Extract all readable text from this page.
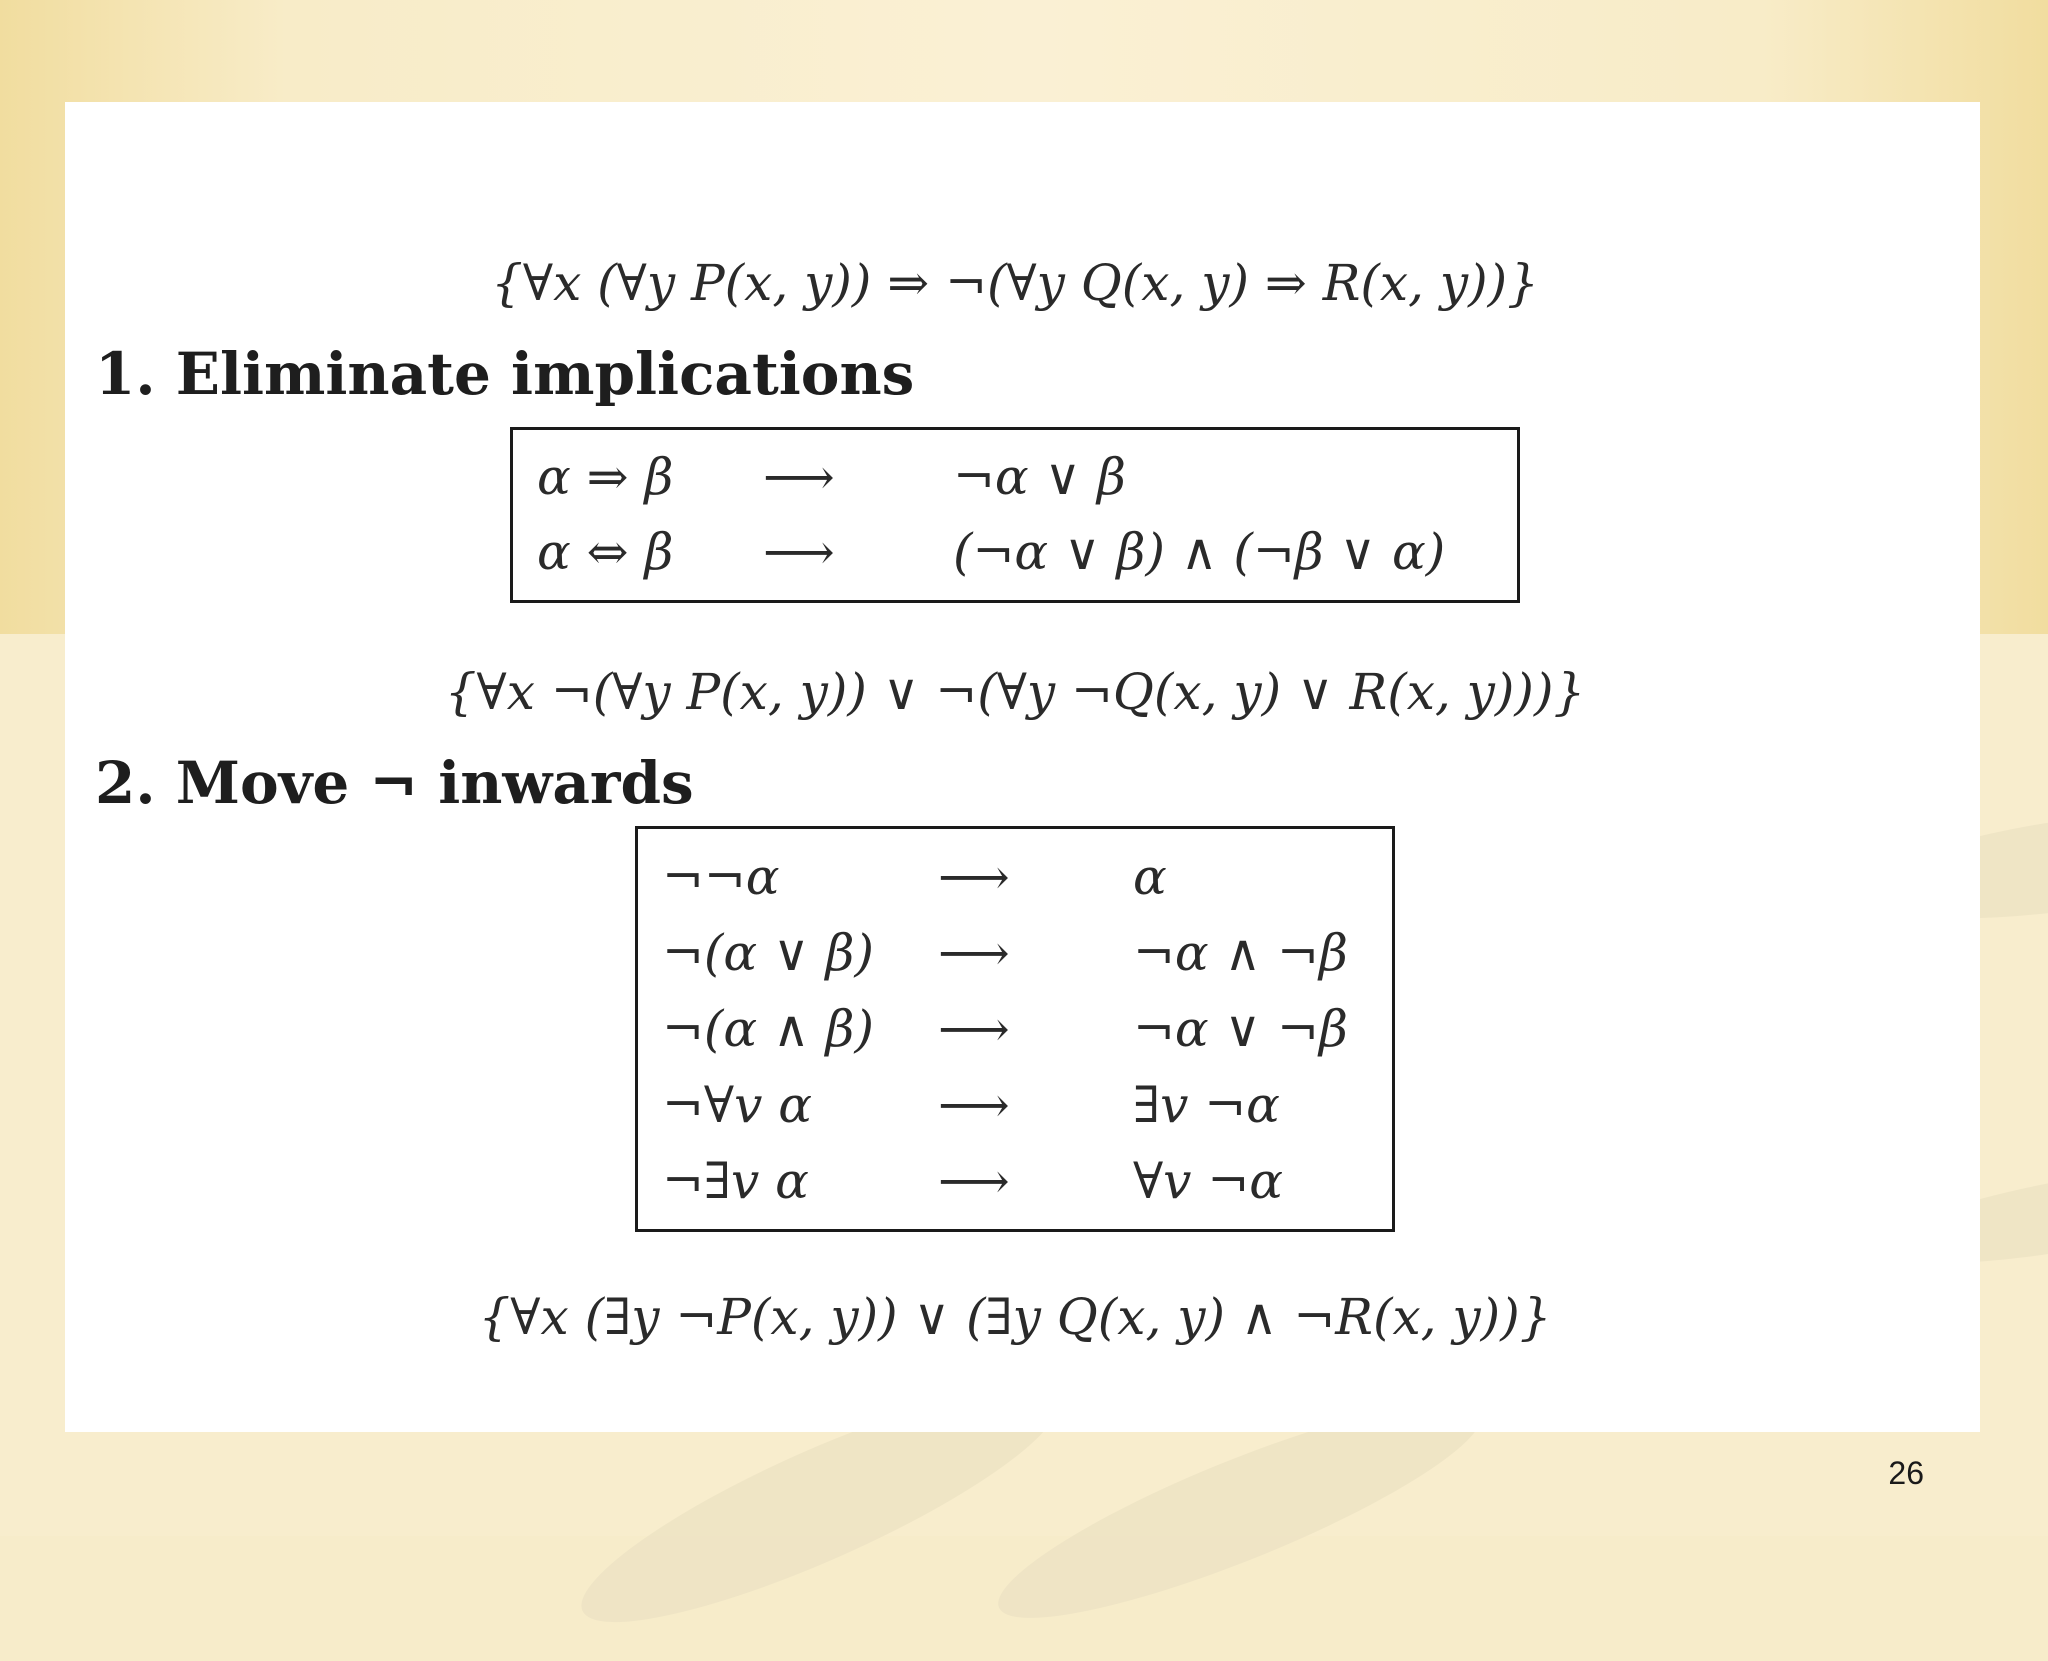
{∀x (∀y P(x, y)) ⇒ ¬(∀y Q(x, y) ⇒ R(x, y))}
1. Eliminate implications
α ⇒ β ⟶ ¬α ∨ β
α ⇔ β ⟶ (¬α ∨ β) ∧ (¬β ∨ α)
{∀x ¬(∀y P(x, y)) ∨ ¬(∀y ¬Q(x, y) ∨ R(x, y)))}
2. Move ¬ inwards
¬¬α	⟶ α
¬(α ∨ β) ⟶ ¬α ∧ ¬β
¬(α ∧ β) ⟶ ¬α ∨ ¬β
¬∀v α	⟶ ∃v ¬α
¬∃v α	⟶ ∀v ¬α
{∀x (∃y ¬P(x, y)) ∨ (∃y Q(x, y) ∧ ¬R(x, y))}
26
